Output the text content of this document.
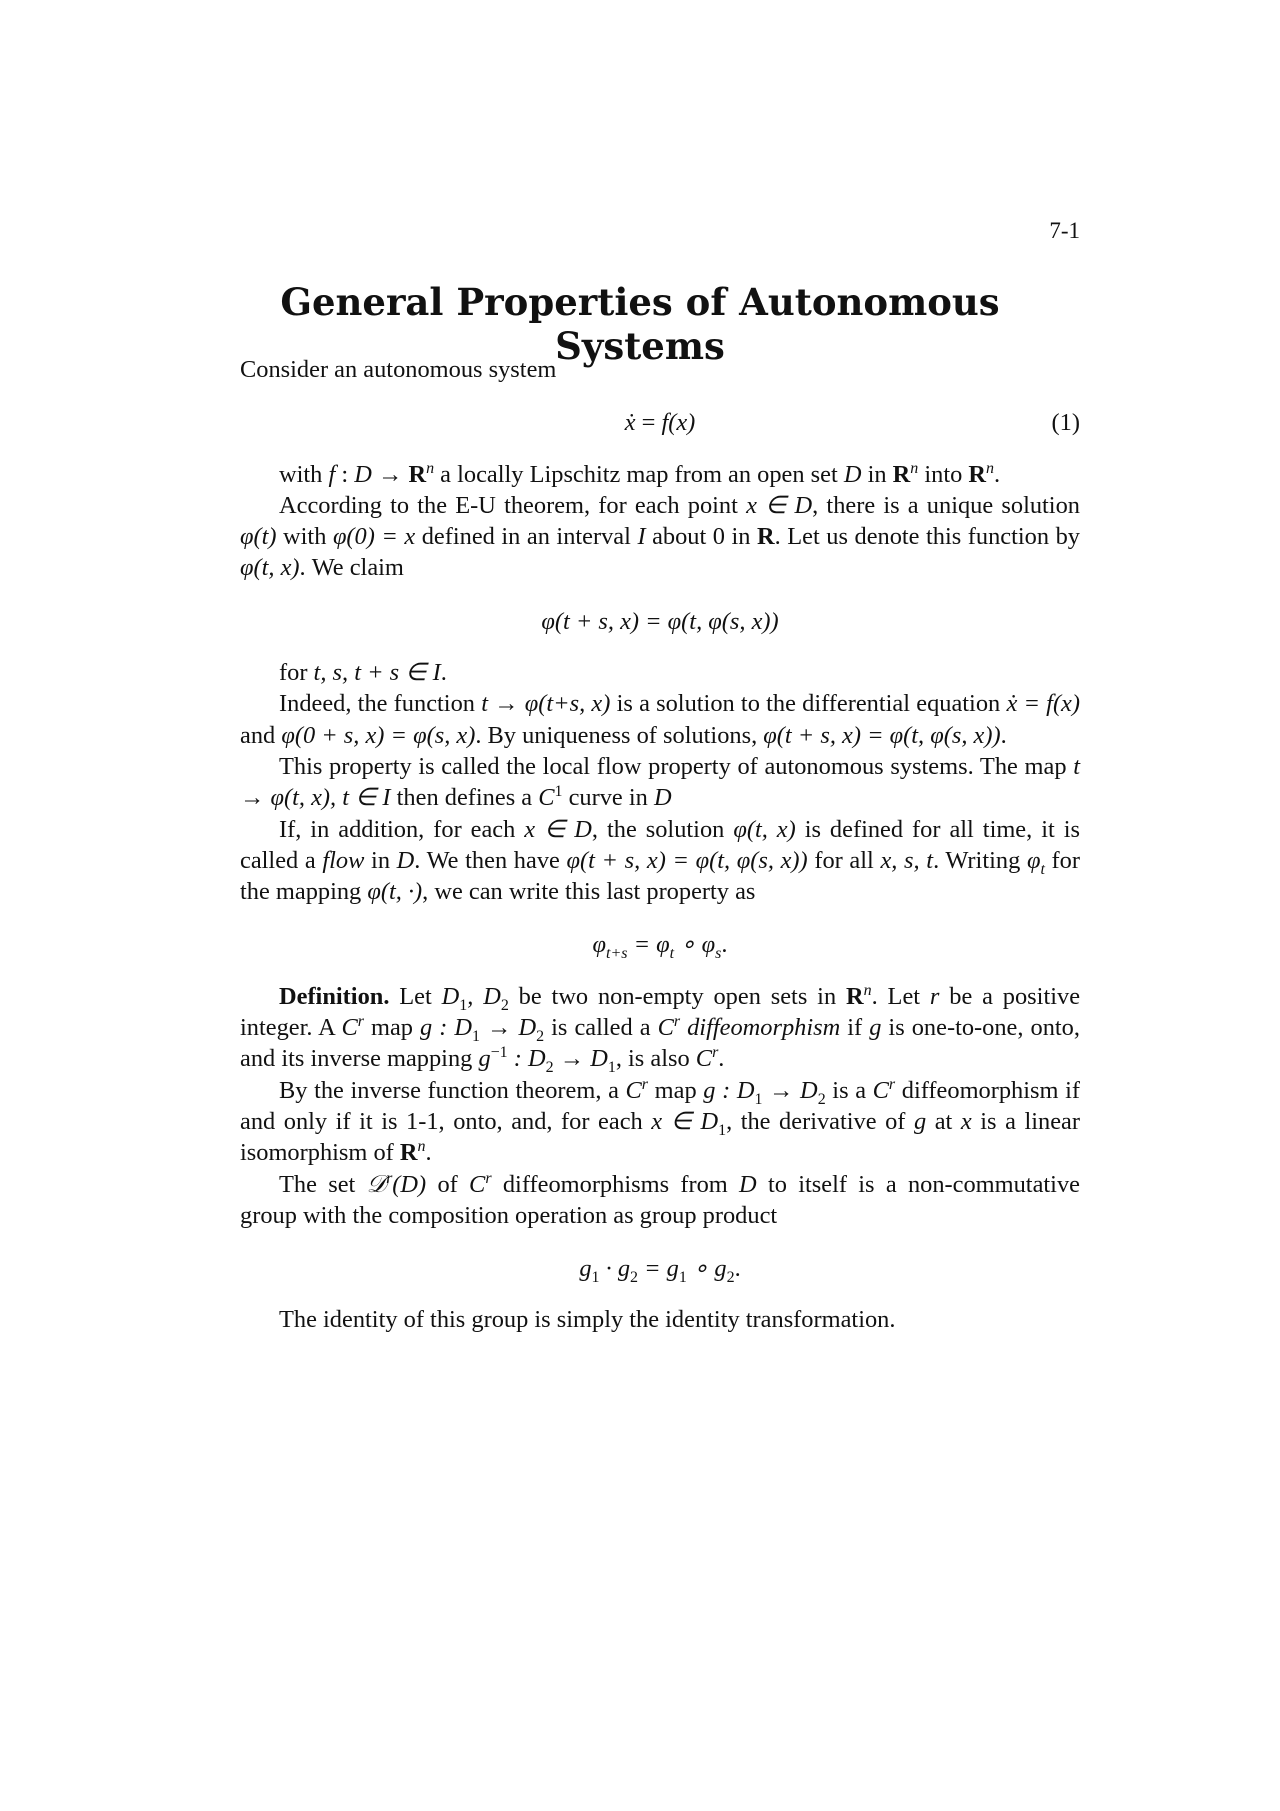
7-1
General Properties of Autonomous Systems

Consider an autonomous system

ẋ = f(x)	(1)

with f : $D \to R^n$ a locally Lipschitz map from an open set D in $R^n$ into $R^n$.

According to the E-U theorem, for each point x ∈ D, there is a unique solution φ(t) with φ(0) = x defined in an interval I about 0 in R. Let us denote this function by φ(t, x). We claim

φ(t + s, x) = φ(t, φ(s, x))

for t, s, t + s ∈ I.

Indeed, the function t → φ(t+s, x) is a solution to the differential equation ẋ = f(x) and φ(0 + s, x) = φ(s, x). By uniqueness of solutions, φ(t + s, x) = φ(t, φ(s, x)).

This property is called the local flow property of autonomous systems. The map t → φ(t, x), t ∈ I then defines a $C^1$ curve in D

If, in addition, for each x ∈ D, the solution φ(t, x) is defined for all time, it is called a flow in D. We then have φ(t + s, x) = φ(t, φ(s, x)) for all x, s, t. Writing $\varphi_t$ for the mapping φ(t, ·), we can write this last property as

$\varphi_{t+s} = \varphi_t$ ∘ $\varphi_s$.

Definition. Let $D_1$, $D_2$ be two non-empty open sets in $R^n$. Let r be a positive integer. A $C^r$ map g : $D_1 \to D_2$ is called a $C^r$ diffeomorphism if g is one-to-one, onto, and its inverse mapping $g^{-1}$ : $D_2 \to D_1$, is also $C^r$.

By the inverse function theorem, a $C^r$ map g : $D_1 \to D_2$ is a $C^r$ diffeomorphism if and only if it is 1-1, onto, and, for each x ∈ $D_1$, the derivative of g at x is a linear isomorphism of $R^n$.

The set 𝒟$^r$(D) of $C^r$ diffeomorphisms from D to itself is a non-commutative group with the composition operation as group product

$g_1 \cdot g_2 = g_1$ ∘ $g_2$.

The identity of this group is simply the identity transformation.
